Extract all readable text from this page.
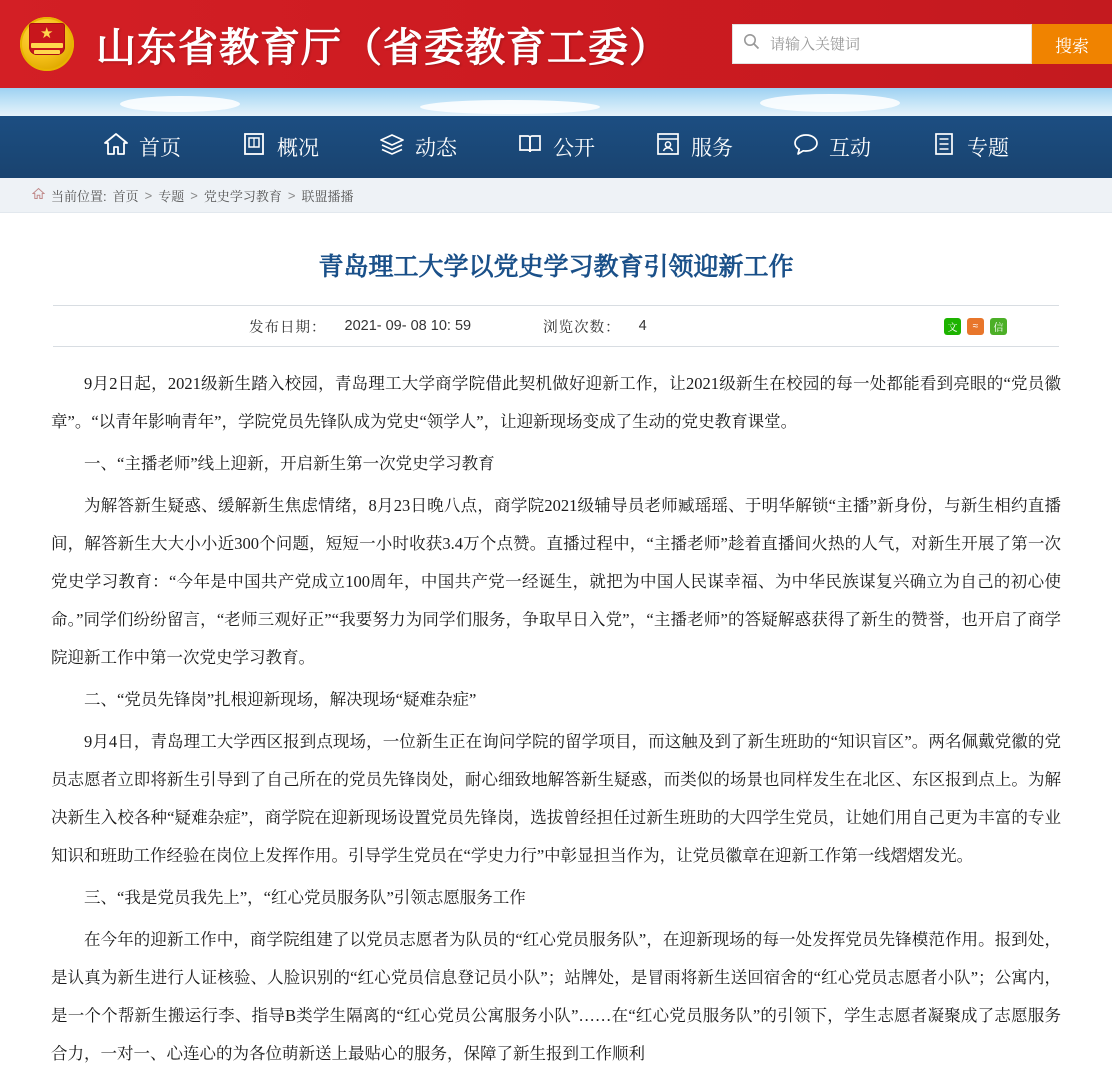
★ 山东省教育厅（省委教育工委）
请输入关键词	搜索
首页	概况	动态	公开	服务	互动	专题
当前位置: 首页 > 专题 > 党史学习教育 > 联盟播播
青岛理工大学以党史学习教育引领迎新工作
发布日期： 2021- 09- 08 10: 59	浏览次数： 4	文	≈	信

9月2日起，2021级新生踏入校园，青岛理工大学商学院借此契机做好迎新工作，让2021级新生在校园的每一处都能看到亮眼的“党员徽章”。“以青年影响青年”，学院党员先锋队成为党史“领学人”，让迎新现场变成了生动的党史教育课堂。

一、“主播老师”线上迎新，开启新生第一次党史学习教育

为解答新生疑惑、缓解新生焦虑情绪，8月23日晚八点，商学院2021级辅导员老师臧瑶瑶、于明华解锁“主播”新身份，与新生相约直播间，解答新生大大小小近300个问题，短短一小时收获3.4万个点赞。直播过程中，“主播老师”趁着直播间火热的人气，对新生开展了第一次党史学习教育：“今年是中国共产党成立100周年，中国共产党一经诞生，就把为中国人民谋幸福、为中华民族谋复兴确立为自己的初心使命。”同学们纷纷留言，“老师三观好正”“我要努力为同学们服务，争取早日入党”，“主播老师”的答疑解惑获得了新生的赞誉，也开启了商学院迎新工作中第一次党史学习教育。

二、“党员先锋岗”扎根迎新现场，解决现场“疑难杂症”

9月4日，青岛理工大学西区报到点现场，一位新生正在询问学院的留学项目，而这触及到了新生班助的“知识盲区”。两名佩戴党徽的党员志愿者立即将新生引导到了自己所在的党员先锋岗处，耐心细致地解答新生疑惑，而类似的场景也同样发生在北区、东区报到点上。为解决新生入校各种“疑难杂症”，商学院在迎新现场设置党员先锋岗，选拔曾经担任过新生班助的大四学生党员，让她们用自己更为丰富的专业知识和班助工作经验在岗位上发挥作用。引导学生党员在“学史力行”中彰显担当作为，让党员徽章在迎新工作第一线熠熠发光。

三、“我是党员我先上”，“红心党员服务队”引领志愿服务工作

在今年的迎新工作中，商学院组建了以党员志愿者为队员的“红心党员服务队”，在迎新现场的每一处发挥党员先锋模范作用。报到处，是认真为新生进行人证核验、人脸识别的“红心党员信息登记员小队”；站牌处，是冒雨将新生送回宿舍的“红心党员志愿者小队”；公寓内，是一个个帮新生搬运行李、指导B类学生隔离的“红心党员公寓服务小队”……在“红心党员服务队”的引领下，学生志愿者凝聚成了志愿服务合力，一对一、心连心的为各位萌新送上最贴心的服务，保障了新生报到工作顺利
